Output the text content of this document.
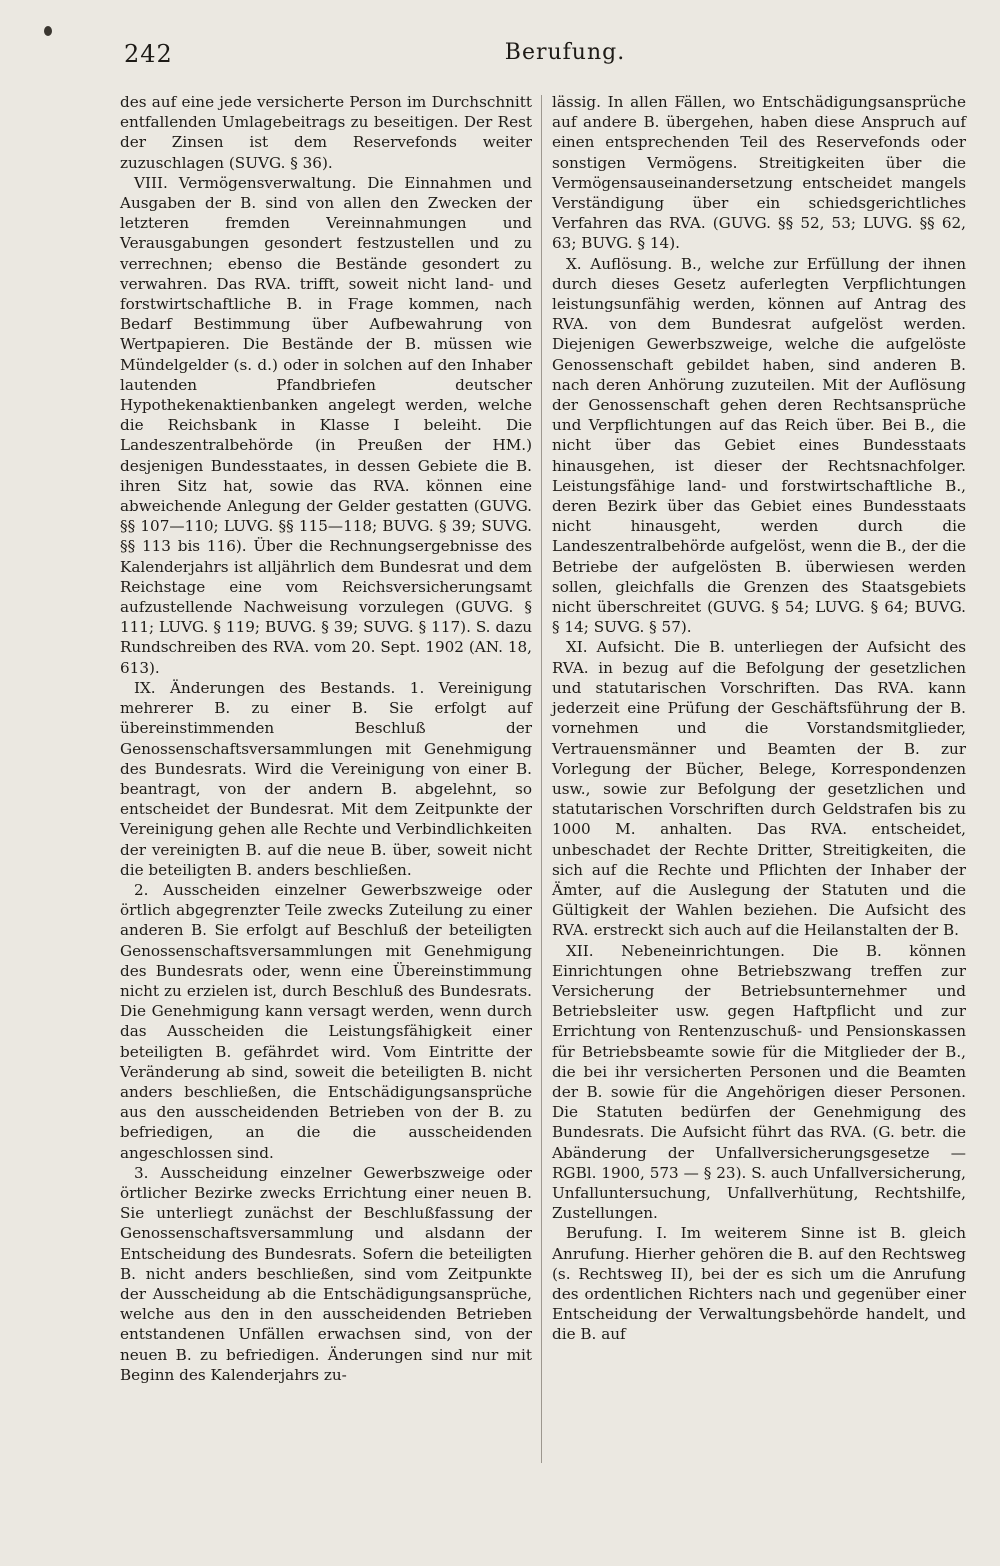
242	Berufung.

des auf eine jede versicherte Person im Durchschnitt entfallenden Umlagebeitrags zu beseitigen. Der Rest der Zinsen ist dem Reservefonds weiter zuzuschlagen (SUVG. § 36).

VIII. Vermögensverwaltung. Die Einnahmen und Ausgaben der B. sind von allen den Zwecken der letzteren fremden Vereinnahmungen und Verausgabungen gesondert festzustellen und zu verrechnen; ebenso die Bestände gesondert zu verwahren. Das RVA. trifft, soweit nicht land- und forstwirtschaftliche B. in Frage kommen, nach Bedarf Bestimmung über Aufbewahrung von Wertpapieren. Die Bestände der B. müssen wie Mündelgelder (s. d.) oder in solchen auf den Inhaber lautenden Pfandbriefen deutscher Hypothekenaktienbanken angelegt werden, welche die Reichsbank in Klasse I beleiht. Die Landeszentralbehörde (in Preußen der HM.) desjenigen Bundesstaates, in dessen Gebiete die B. ihren Sitz hat, sowie das RVA. können eine abweichende Anlegung der Gelder gestatten (GUVG. §§ 107—110; LUVG. §§ 115—118; BUVG. § 39; SUVG. §§ 113 bis 116). Über die Rechnungsergebnisse des Kalenderjahrs ist alljährlich dem Bundesrat und dem Reichstage eine vom Reichsversicherungsamt aufzustellende Nachweisung vorzulegen (GUVG. § 111; LUVG. § 119; BUVG. § 39; SUVG. § 117). S. dazu Rundschreiben des RVA. vom 20. Sept. 1902 (AN. 18, 613).

IX. Änderungen des Bestands. 1. Vereinigung mehrerer B. zu einer B. Sie erfolgt auf übereinstimmenden Beschluß der Genossenschaftsversammlungen mit Genehmigung des Bundesrats. Wird die Vereinigung von einer B. beantragt, von der andern B. abgelehnt, so entscheidet der Bundesrat. Mit dem Zeitpunkte der Vereinigung gehen alle Rechte und Verbindlichkeiten der vereinigten B. auf die neue B. über, soweit nicht die beteiligten B. anders beschließen.

2. Ausscheiden einzelner Gewerbszweige oder örtlich abgegrenzter Teile zwecks Zuteilung zu einer anderen B. Sie erfolgt auf Beschluß der beteiligten Genossenschaftsversammlungen mit Genehmigung des Bundesrats oder, wenn eine Übereinstimmung nicht zu erzielen ist, durch Beschluß des Bundesrats. Die Genehmigung kann versagt werden, wenn durch das Ausscheiden die Leistungsfähigkeit einer beteiligten B. gefährdet wird. Vom Eintritte der Veränderung ab sind, soweit die beteiligten B. nicht anders beschließen, die Entschädigungsansprüche aus den ausscheidenden Betrieben von der B. zu befriedigen, an die die ausscheidenden angeschlossen sind.

3. Ausscheidung einzelner Gewerbszweige oder örtlicher Bezirke zwecks Errichtung einer neuen B. Sie unterliegt zunächst der Beschlußfassung der Genossenschaftsversammlung und alsdann der Entscheidung des Bundesrats. Sofern die beteiligten B. nicht anders beschließen, sind vom Zeitpunkte der Ausscheidung ab die Entschädigungsansprüche, welche aus den in den ausscheidenden Betrieben entstandenen Unfällen erwachsen sind, von der neuen B. zu befriedigen. Änderungen sind nur mit Beginn des Kalenderjahrs zu-

lässig. In allen Fällen, wo Entschädigungsansprüche auf andere B. übergehen, haben diese Anspruch auf einen entsprechenden Teil des Reservefonds oder sonstigen Vermögens. Streitigkeiten über die Vermögensauseinandersetzung entscheidet mangels Verständigung über ein schiedsgerichtliches Verfahren das RVA. (GUVG. §§ 52, 53; LUVG. §§ 62, 63; BUVG. § 14).

X. Auflösung. B., welche zur Erfüllung der ihnen durch dieses Gesetz auferlegten Verpflichtungen leistungsunfähig werden, können auf Antrag des RVA. von dem Bundesrat aufgelöst werden. Diejenigen Gewerbszweige, welche die aufgelöste Genossenschaft gebildet haben, sind anderen B. nach deren Anhörung zuzuteilen. Mit der Auflösung der Genossenschaft gehen deren Rechtsansprüche und Verpflichtungen auf das Reich über. Bei B., die nicht über das Gebiet eines Bundesstaats hinausgehen, ist dieser der Rechtsnachfolger. Leistungsfähige land- und forstwirtschaftliche B., deren Bezirk über das Gebiet eines Bundesstaats nicht hinausgeht, werden durch die Landeszentralbehörde aufgelöst, wenn die B., der die Betriebe der aufgelösten B. überwiesen werden sollen, gleichfalls die Grenzen des Staatsgebiets nicht überschreitet (GUVG. § 54; LUVG. § 64; BUVG. § 14; SUVG. § 57).

XI. Aufsicht. Die B. unterliegen der Aufsicht des RVA. in bezug auf die Befolgung der gesetzlichen und statutarischen Vorschriften. Das RVA. kann jederzeit eine Prüfung der Geschäftsführung der B. vornehmen und die Vorstandsmitglieder, Vertrauensmänner und Beamten der B. zur Vorlegung der Bücher, Belege, Korrespondenzen usw., sowie zur Befolgung der gesetzlichen und statutarischen Vorschriften durch Geldstrafen bis zu 1000 M. anhalten. Das RVA. entscheidet, unbeschadet der Rechte Dritter, Streitigkeiten, die sich auf die Rechte und Pflichten der Inhaber der Ämter, auf die Auslegung der Statuten und die Gültigkeit der Wahlen beziehen. Die Aufsicht des RVA. erstreckt sich auch auf die Heilanstalten der B.

XII. Nebeneinrichtungen. Die B. können Einrichtungen ohne Betriebszwang treffen zur Versicherung der Betriebsunternehmer und Betriebsleiter usw. gegen Haftpflicht und zur Errichtung von Rentenzuschuß- und Pensionskassen für Betriebsbeamte sowie für die Mitglieder der B., die bei ihr versicherten Personen und die Beamten der B. sowie für die Angehörigen dieser Personen. Die Statuten bedürfen der Genehmigung des Bundesrats. Die Aufsicht führt das RVA. (G. betr. die Abänderung der Unfallversicherungsgesetze — RGBl. 1900, 573 — § 23). S. auch Unfallversicherung, Unfalluntersuchung, Unfallverhütung, Rechtshilfe, Zustellungen.

Berufung. I. Im weiterem Sinne ist B. gleich Anrufung. Hierher gehören die B. auf den Rechtsweg (s. Rechtsweg II), bei der es sich um die Anrufung des ordentlichen Richters nach und gegenüber einer Entscheidung der Verwaltungsbehörde handelt, und die B. auf
